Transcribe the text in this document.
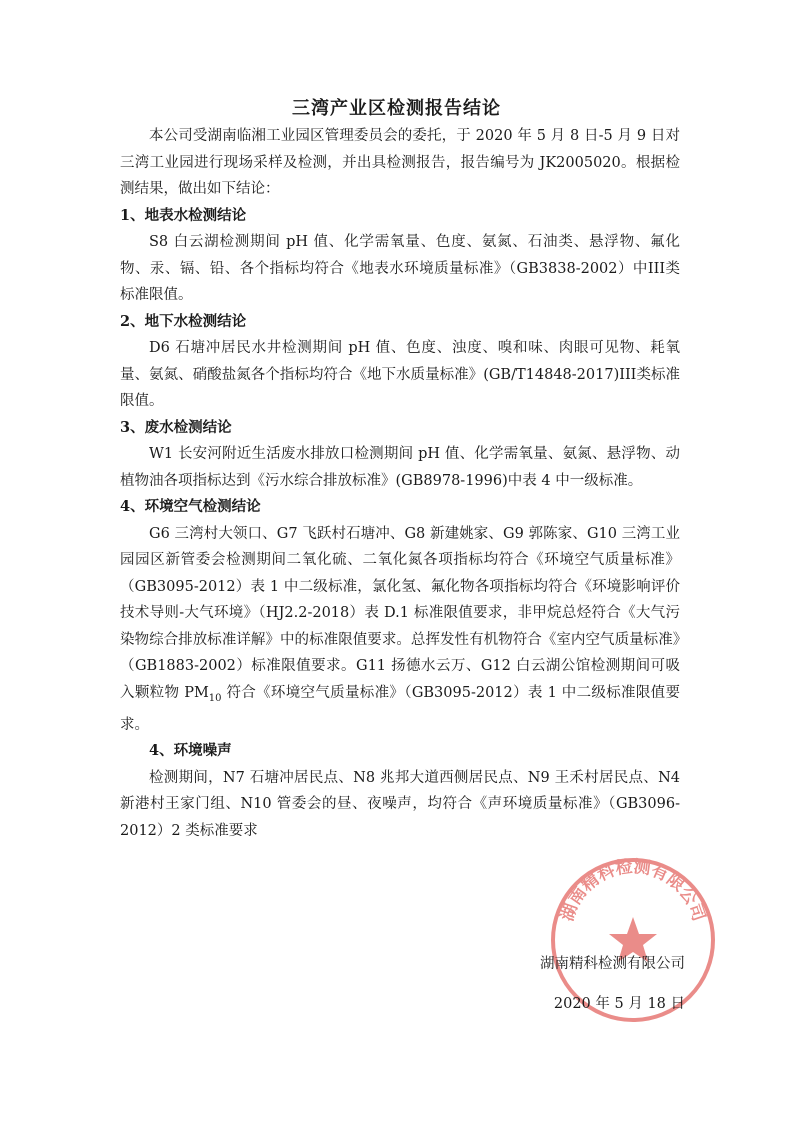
三湾产业区检测报告结论

本公司受湖南临湘工业园区管理委员会的委托，于 2020 年 5 月 8 日-5 月 9 日对三湾工业园进行现场采样及检测，并出具检测报告，报告编号为 JK2005020。根据检测结果，做出如下结论：

1、地表水检测结论

S8 白云湖检测期间 pH 值、化学需氧量、色度、氨氮、石油类、悬浮物、氟化物、汞、镉、铅、各个指标均符合《地表水环境质量标准》（GB3838-2002）中III类标准限值。

2、地下水检测结论

D6 石塘冲居民水井检测期间 pH 值、色度、浊度、嗅和味、肉眼可见物、耗氧量、氨氮、硝酸盐氮各个指标均符合《地下水质量标准》(GB/T14848-2017)III类标准限值。

3、废水检测结论

W1 长安河附近生活废水排放口检测期间 pH 值、化学需氧量、氨氮、悬浮物、动植物油各项指标达到《污水综合排放标准》(GB8978-1996)中表 4 中一级标准。

4、环境空气检测结论

G6 三湾村大领口、G7 飞跃村石塘冲、G8 新建姚家、G9 郭陈家、G10 三湾工业园园区新管委会检测期间二氧化硫、二氧化氮各项指标均符合《环境空气质量标准》（GB3095-2012）表 1 中二级标准，氯化氢、氟化物各项指标均符合《环境影响评价技术导则-大气环境》（HJ2.2-2018）表 D.1 标准限值要求，非甲烷总烃符合《大气污染物综合排放标准详解》中的标准限值要求。总挥发性有机物符合《室内空气质量标准》（GB1883-2002）标准限值要求。G11 扬德水云万、G12 白云湖公馆检测期间可吸入颗粒物 $PM_{10}$ 符合《环境空气质量标准》（GB3095-2012）表 1 中二级标准限值要求。

4、环境噪声

检测期间，N7 石塘冲居民点、N8 兆邦大道西侧居民点、N9 王禾村居民点、N4 新港村王家门组、N10 管委会的昼、夜噪声，均符合《声环境质量标准》（GB3096-2012）2 类标准要求

湖南精科检测有限公司
湖南精科检测有限公司
2020 年 5 月 18 日
